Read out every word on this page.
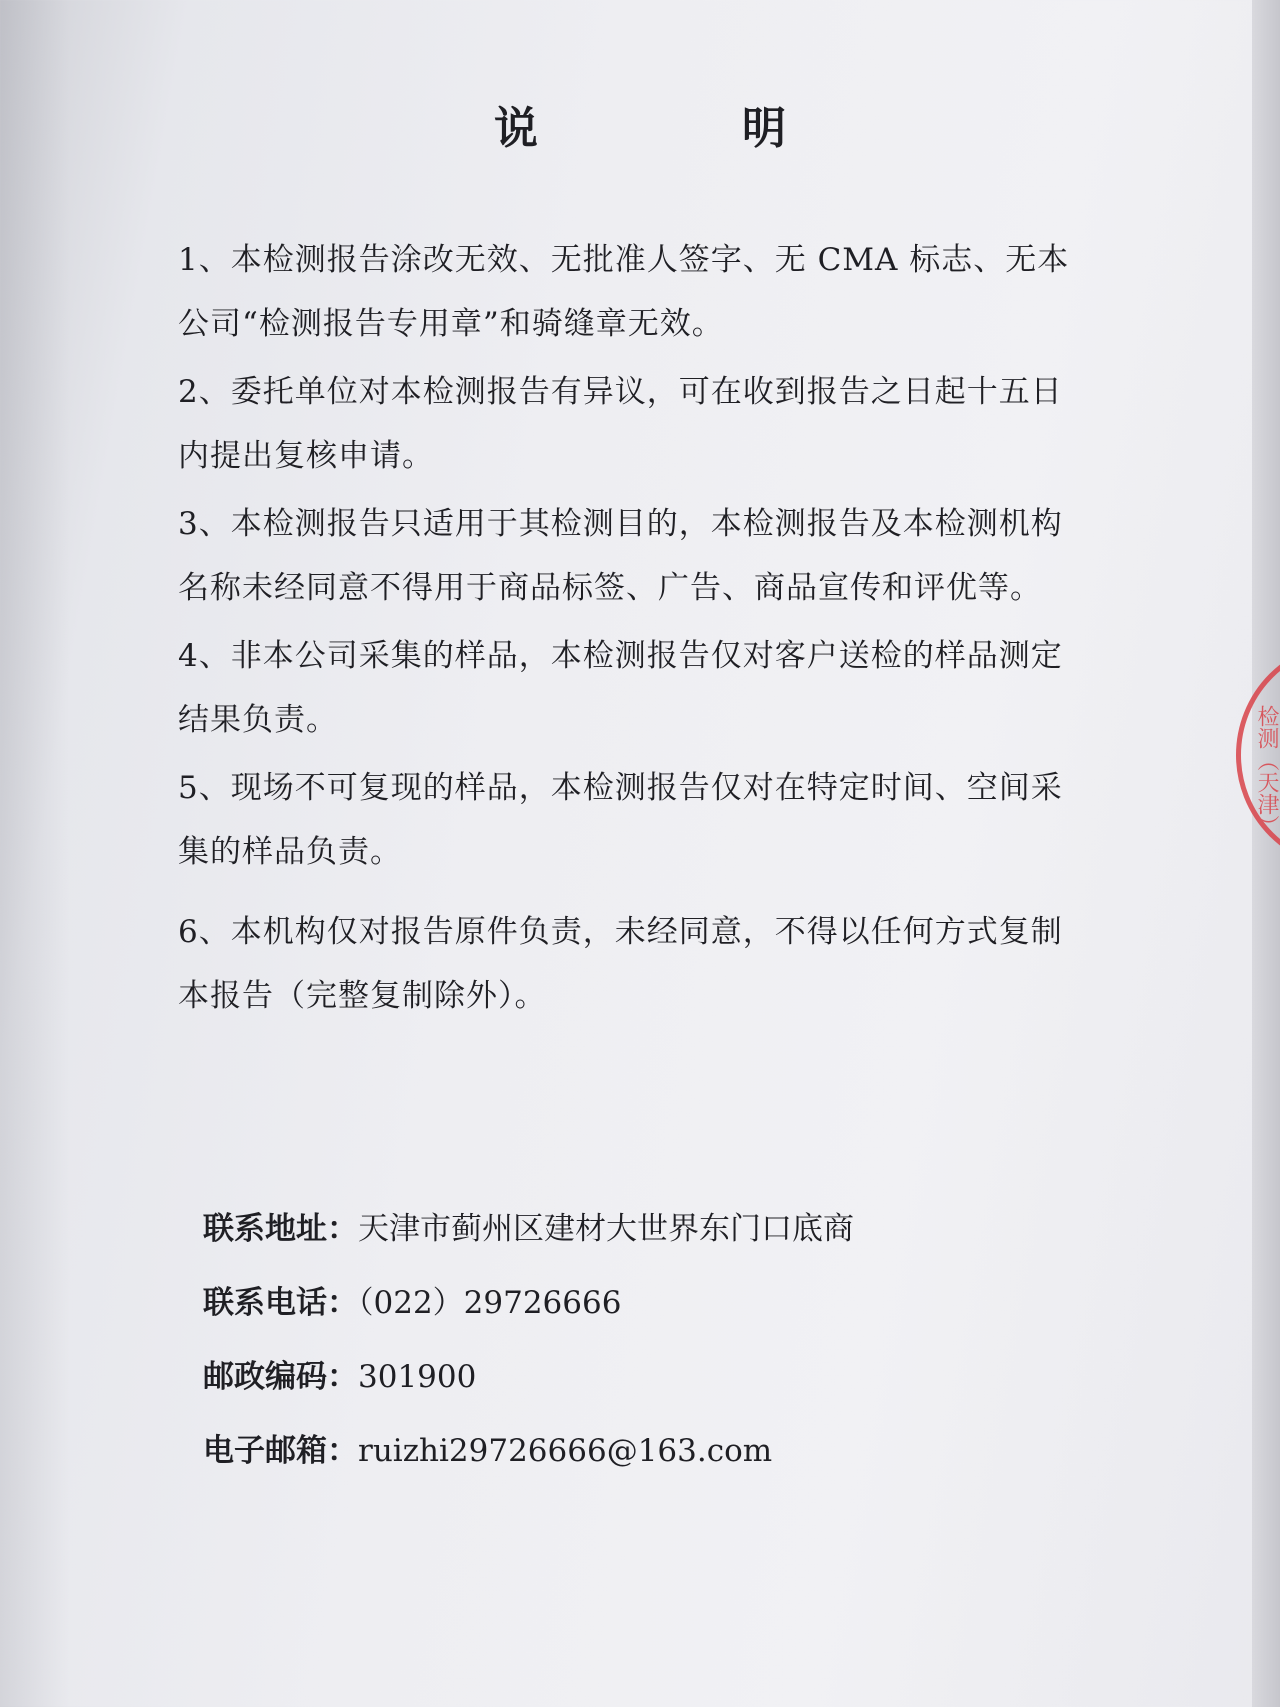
说　明
1、本检测报告涂改无效、无批准人签字、无 CMA 标志、无本公司“检测报告专用章”和骑缝章无效。
2、委托单位对本检测报告有异议，可在收到报告之日起十五日内提出复核申请。
3、本检测报告只适用于其检测目的，本检测报告及本检测机构名称未经同意不得用于商品标签、广告、商品宣传和评优等。
4、非本公司采集的样品，本检测报告仅对客户送检的样品测定结果负责。
5、现场不可复现的样品，本检测报告仅对在特定时间、空间采集的样品负责。
6、本机构仅对报告原件负责，未经同意，不得以任何方式复制本报告（完整复制除外）。
联系地址：天津市蓟州区建材大世界东门口底商
联系电话：（022）29726666
邮政编码：301900
电子邮箱：ruizhi29726666@163.com
检测（天津）
